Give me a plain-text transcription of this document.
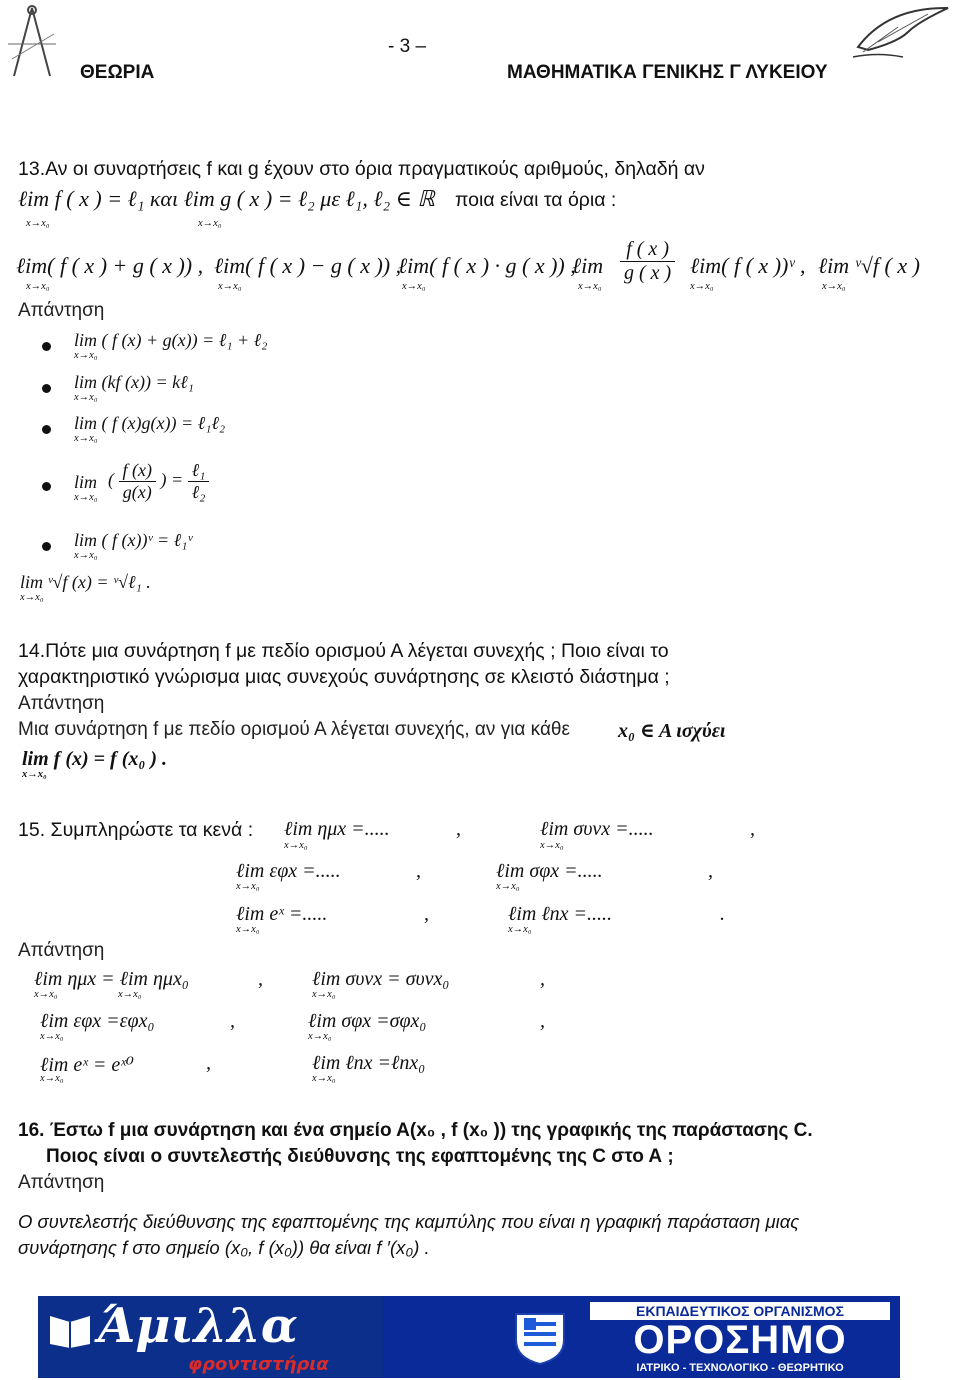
- 3 –
ΘΕΩΡΙΑ	ΜΑΘΗΜΑΤΙΚΑ ΓΕΝΙΚΗΣ Γ ΛΥΚΕΙΟΥ
13.Αν οι συναρτήσεις f και g έχουν στο όρια πραγματικούς αριθμούς, δηλαδή αν
ℓim f ( x ) = ℓ₁ και ℓim g ( x ) = ℓ₂ με ℓ₁, ℓ₂ ∈ ℝ ποια είναι τα όρια :
x→x₀	x→x₀
ℓim( f ( x ) + g ( x )) , ℓim( f ( x ) − g ( x )) ,
ℓim( f ( x ) · g ( x )) ,
ℓim $\frac{f ( x )}{g ( x )}$ ℓim( f ( x ))ᵛ , ℓim ᵛ√f ( x )
x→x₀	x→x₀	x→x₀	x→x₀	x→x₀	x→x₀
Απάντηση
lim ( f (x) + g(x)) = ℓ₁ + ℓ₂
x→x₀
lim (kf (x)) = kℓ₁
x→x₀
lim ( f (x)g(x)) = ℓ₁ℓ₂
x→x₀
lim
x→x₀
( $\frac{f (x)}{g(x)}$ ) = $\frac{\text{ℓ₁}}{\text{ℓ₂}}$
lim ( f (x))ᵛ = ℓ₁ᵛ
x→x₀
lim ᵛ√f (x) = ᵛ√ℓ₁ .
x→x₀
14.Πότε μια συνάρτηση f με πεδίο ορισμού Α λέγεται συνεχής ; Ποιο είναι το
χαρακτηριστικό γνώρισμα μιας συνεχούς συνάρτησης σε κλειστό διάστημα ;
Απάντηση
Μια συνάρτηση f με πεδίο ορισμού Α λέγεται συνεχής, αν για κάθε x₀ ∈ A ισχύει
lim f (x) = f (x₀ ) .
x→x₀
15. Συμπληρώστε τα κενά : ℓim ημx =.....	,	ℓim συνx =.....	,
x→x₀	x→x₀
ℓim εφx =.....	,	ℓim σφx =.....	,
x→x₀	x→x₀
ℓim eˣ =.....	,	ℓim ℓnx =.....	.
x→x₀	x→x₀
Απάντηση
ℓim ημx = ℓim ημx₀	, ℓim συνx = συνx₀	,
x→x₀	x→x₀	x→x₀
ℓim εφx =εφx₀	,	ℓim σφx =σφx₀	,
x→x₀	x→x₀
ℓim eˣ = eˣ⁰	,	ℓim ℓnx =ℓnx₀
x→x₀	x→x₀
16. Έστω f μια συνάρτηση και ένα σημείο Α(x₀ , f (x₀ )) της γραφικής της παράστασης C.
Ποιος είναι ο συντελεστής διεύθυνσης της εφαπτομένης της C στο Α ;
Απάντηση
Ο συντελεστής διεύθυνσης της εφαπτομένης της καμπύλης που είναι η γραφική παράσταση μιας
συνάρτησης f στο σημείο (x₀, f (x₀)) θα είναι f ′(x₀) .
Άμιλλα
φροντιστήρια
ΕΚΠΑΙΔΕΥΤΙΚΟΣ ΟΡΓΑΝΙΣΜΟΣ
ΟΡΟΣΗΜΟ
ΙΑΤΡΙΚΟ - ΤΕΧΝΟΛΟΓΙΚΟ - ΘΕΩΡΗΤΙΚΟ
